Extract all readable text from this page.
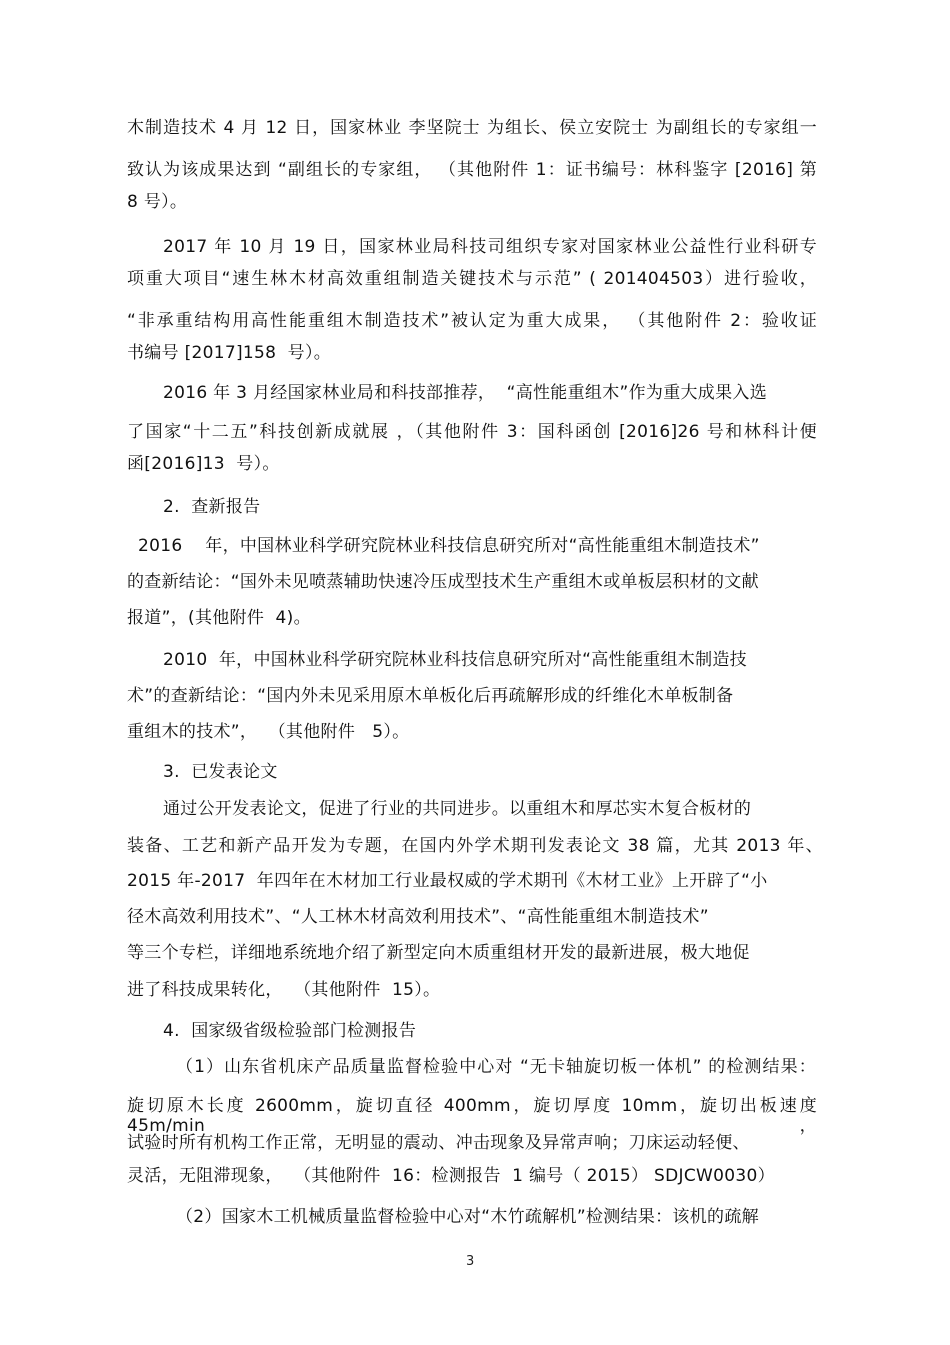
木制造技术 4 月 12 日，国家林业 李坚院士 为组长、侯立安院士 为副组长的专家组一
致认为该成果达到 “副组长的专家组， （其他附件 1：证书编号：林科鉴字 [2016] 第
8 号）。
2017 年 10 月 19 日，国家林业局科技司组织专家对国家林业公益性行业科研专
项重大项目“速生林木材高效重组制造关键技术与示范” ( 201404503）进行验收，
“非承重结构用高性能重组木制造技术”被认定为重大成果， （其他附件 2：验收证
书编号 [2017]158  号）。
2016 年 3 月经国家林业局和科技部推荐，  “高性能重组木”作为重大成果入选
了国家“十二五”科技创新成就展 ，（其他附件 3：国科函创 [2016]26 号和林科计便
函[2016]13  号）。
2.  查新报告
2016    年，中国林业科学研究院林业科技信息研究所对“高性能重组木制造技术”
的查新结论：“国外未见喷蒸辅助快速冷压成型技术生产重组木或单板层积材的文献
报道”，(其他附件  4)。
2010  年，中国林业科学研究院林业科技信息研究所对“高性能重组木制造技
术”的查新结论：“国内外未见采用原木单板化后再疏解形成的纤维化木单板制备
重组木的技术”，  （其他附件   5）。
3.  已发表论文
通过公开发表论文，促进了行业的共同进步。以重组木和厚芯实木复合板材的
装备、工艺和新产品开发为专题，在国内外学术期刊发表论文 38 篇，尤其 2013 年、
2015 年-2017  年四年在木材加工行业最权威的学术期刊《木材工业》上开辟了“小
径木高效利用技术”、“人工林木材高效利用技术”、“高性能重组木制造技术”
等三个专栏，详细地系统地介绍了新型定向木质重组材开发的最新进展，极大地促
进了科技成果转化，  （其他附件  15）。
4.  国家级省级检验部门检测报告
（1）山东省机床产品质量监督检验中心对 “无卡轴旋切板一体机” 的检测结果：
旋切原木长度 2600mm，旋切直径 400mm，旋切厚度 10mm，旋切出板速度 45m/min，
试验时所有机构工作正常，无明显的震动、冲击现象及异常声响；刀床运动轻便、
灵活，无阻滞现象，  （其他附件  16：检测报告  1 编号（ 2015） SDJCW0030）
（2）国家木工机械质量监督检验中心对“木竹疏解机”检测结果：该机的疏解
3
